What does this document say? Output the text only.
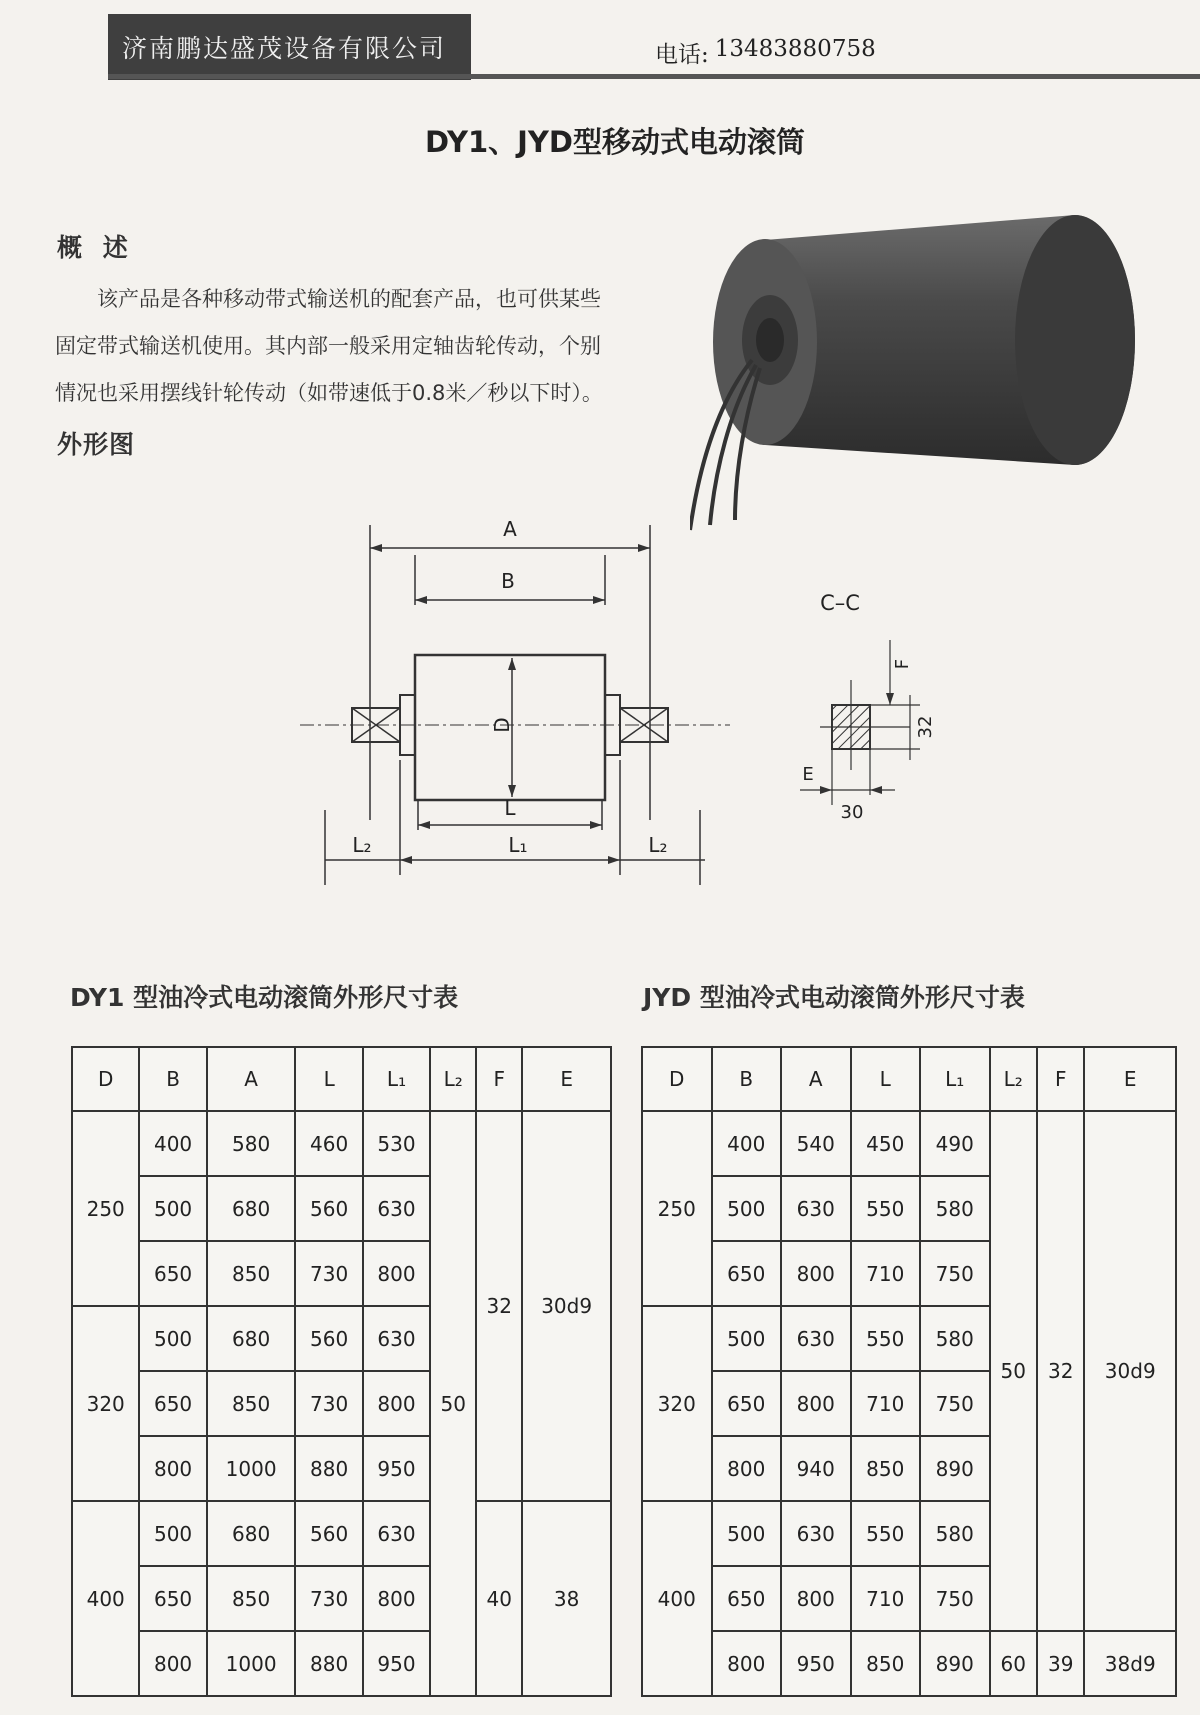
济南鹏达盛茂设备有限公司	电话: 13483880758
DY1、JYD型移动式电动滚筒
概 述
该产品是各种移动带式输送机的配套产品，也可供某些
固定带式输送机使用。其内部一般采用定轴齿轮传动，个别
情况也采用摆线针轮传动（如带速低于0.8米／秒以下时）。
外形图
A
B
D
L
L₁
L₂	L₂
C–C
F
32
E
30
DY1 型油冷式电动滚筒外形尺寸表
D	B	A	L	L₁	L₂	F	E
250	400	580	460	530	50	32	30d9
	500	680	560	630			
	650	850	730	800			
320	500	680	560	630			
	650	850	730	800			
	800	1000	880	950			
400	500	680	560	630		40	38
	650	850	730	800			
	800	1000	880	950			
JYD 型油冷式电动滚筒外形尺寸表
D	B	A	L	L₁	L₂	F	E
250	400	540	450	490	50	32	30d9
	500	630	550	580			
	650	800	710	750			
320	500	630	550	580			
	650	800	710	750			
	800	940	850	890			
400	500	630	550	580			
	650	800	710	750			
	800	950	850	890	60	39	38d9
